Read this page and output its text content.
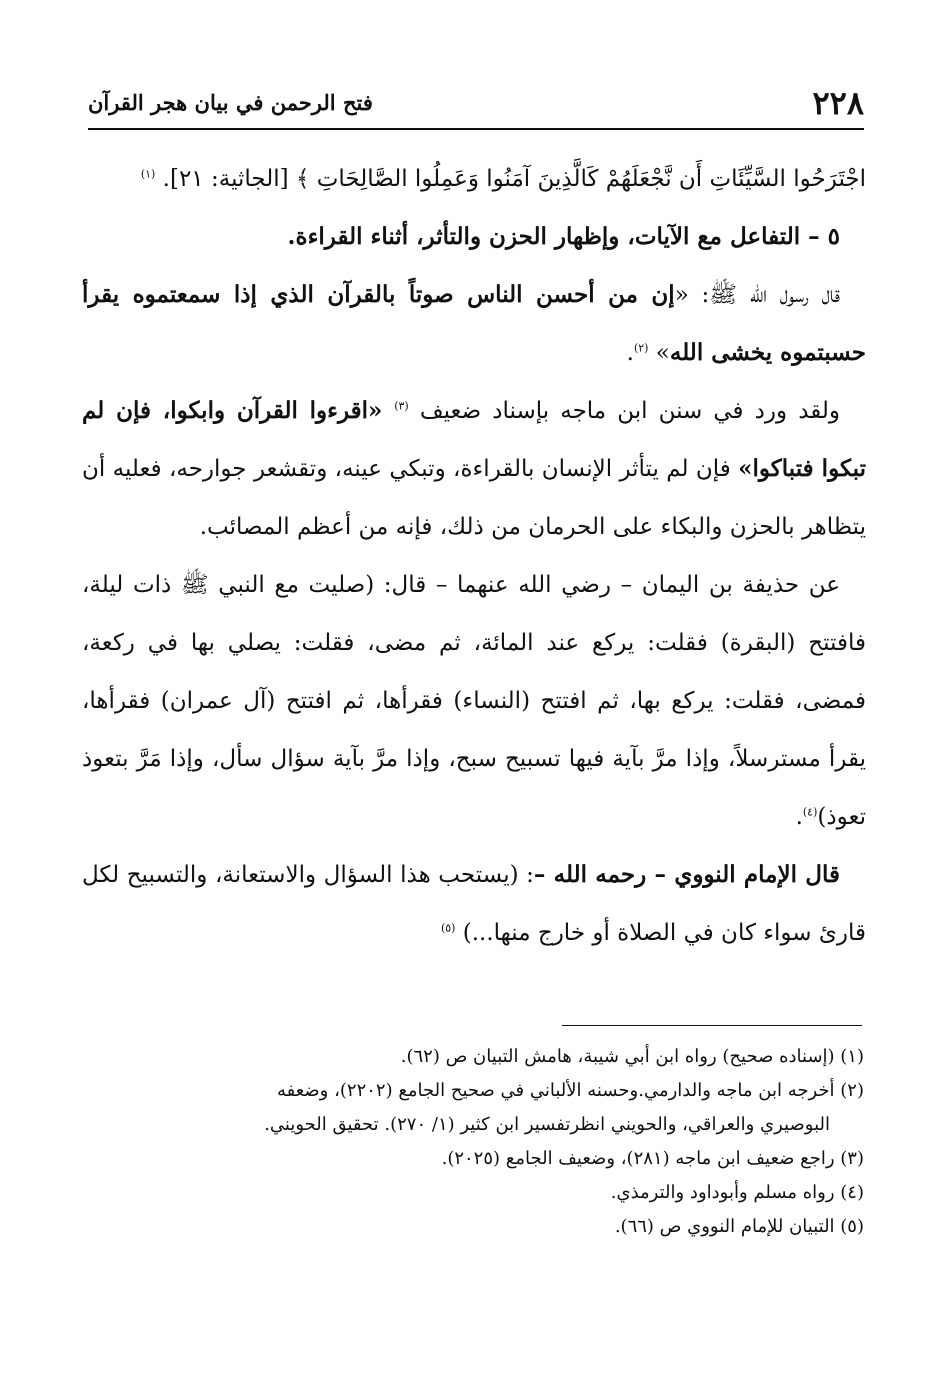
٢٢٨
فتح الرحمن في بيان هجر القرآن

اجْتَرَحُوا السَّيِّئَاتِ أَن نَّجْعَلَهُمْ كَالَّذِينَ آمَنُوا وَعَمِلُوا الصَّالِحَاتِ ﴾ [الجاثية: ٢١]. $^{(١)}$

٥ – التفاعل مع الآيات، وإظهار الحزن والتأثر، أثناء القراءة.

قال رسول الله ﷺ: «إن من أحسن الناس صوتاً بالقرآن الذي إذا سمعتموه يقرأ حسبتموه يخشى الله» $^{(٢)}$.

ولقد ورد في سنن ابن ماجه بإسناد ضعيف $^{(٣)}$ «اقرءوا القرآن وابكوا، فإن لم تبكوا فتباكوا» فإن لم يتأثر الإنسان بالقراءة، وتبكي عينه، وتقشعر جوارحه، فعليه أن يتظاهر بالحزن والبكاء على الحرمان من ذلك، فإنه من أعظم المصائب.

عن حذيفة بن اليمان – رضي الله عنهما – قال: (صليت مع النبي ﷺ ذات ليلة، فافتتح (البقرة) فقلت: يركع عند المائة، ثم مضى، فقلت: يصلي بها في ركعة، فمضى، فقلت: يركع بها، ثم افتتح (النساء) فقرأها، ثم افتتح (آل عمران) فقرأها، يقرأ مسترسلاً، وإذا مرَّ بآية فيها تسبيح سبح، وإذا مرَّ بآية سؤال سأل، وإذا مَرَّ بتعوذ تعوذ)$^{(٤)}$.

قال الإمام النووي – رحمه الله –: (يستحب هذا السؤال والاستعانة، والتسبيح لكل قارئ سواء كان في الصلاة أو خارج منها...) $^{(٥)}$

(١) (إسناده صحيح) رواه ابن أبي شيبة، هامش التبيان ص (٦٢).

(٢) أخرجه ابن ماجه والدارمي.وحسنه الألباني في صحيح الجامع (٢٢٠٢)، وضعفه

البوصيري والعراقي، والحويني انظرتفسير ابن كثير (١/ ٢٧٠). تحقيق الحويني.

(٣) راجع ضعيف ابن ماجه (٢٨١)، وضعيف الجامع (٢٠٢٥).

(٤) رواه مسلم وأبوداود والترمذي.

(٥) التبيان للإمام النووي ص (٦٦).
